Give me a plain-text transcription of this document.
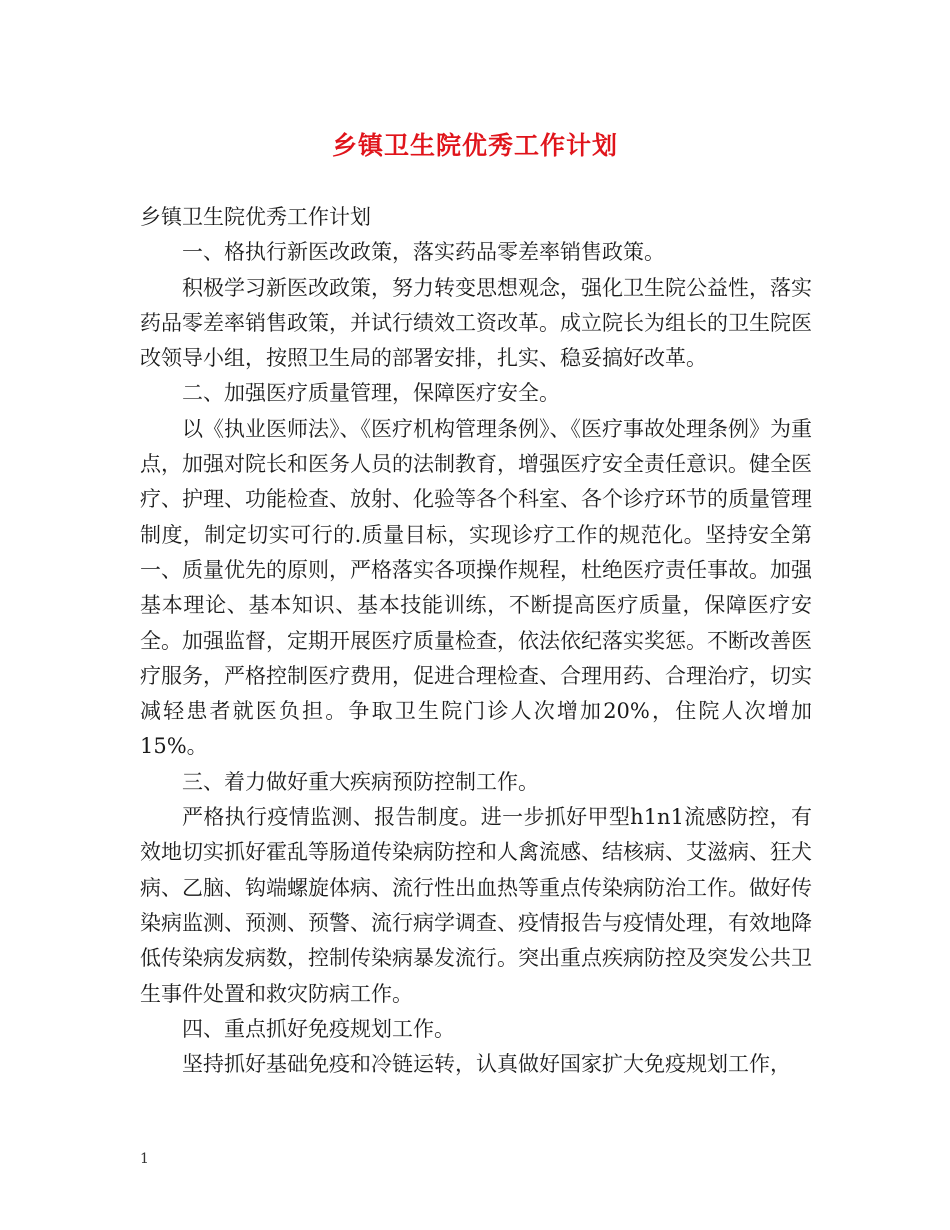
乡镇卫生院优秀工作计划

乡镇卫生院优秀工作计划

一、格执行新医改政策，落实药品零差率销售政策。

积极学习新医改政策，努力转变思想观念，强化卫生院公益性，落实药品零差率销售政策，并试行绩效工资改革。成立院长为组长的卫生院医改领导小组，按照卫生局的部署安排，扎实、稳妥搞好改革。

二、加强医疗质量管理，保障医疗安全。

以《执业医师法》、《医疗机构管理条例》、《医疗事故处理条例》为重点，加强对院长和医务人员的法制教育，增强医疗安全责任意识。健全医疗、护理、功能检查、放射、化验等各个科室、各个诊疗环节的质量管理制度，制定切实可行的.质量目标，实现诊疗工作的规范化。坚持安全第一、质量优先的原则，严格落实各项操作规程，杜绝医疗责任事故。加强基本理论、基本知识、基本技能训练，不断提高医疗质量，保障医疗安全。加强监督，定期开展医疗质量检查，依法依纪落实奖惩。不断改善医疗服务，严格控制医疗费用，促进合理检查、合理用药、合理治疗，切实减轻患者就医负担。争取卫生院门诊人次增加20%，住院人次增加15%。

三、着力做好重大疾病预防控制工作。

严格执行疫情监测、报告制度。进一步抓好甲型h1n1流感防控，有效地切实抓好霍乱等肠道传染病防控和人禽流感、结核病、艾滋病、狂犬病、乙脑、钩端螺旋体病、流行性出血热等重点传染病防治工作。做好传染病监测、预测、预警、流行病学调查、疫情报告与疫情处理，有效地降低传染病发病数，控制传染病暴发流行。突出重点疾病防控及突发公共卫生事件处置和救灾防病工作。

四、重点抓好免疫规划工作。

坚持抓好基础免疫和冷链运转，认真做好国家扩大免疫规划工作，

1
